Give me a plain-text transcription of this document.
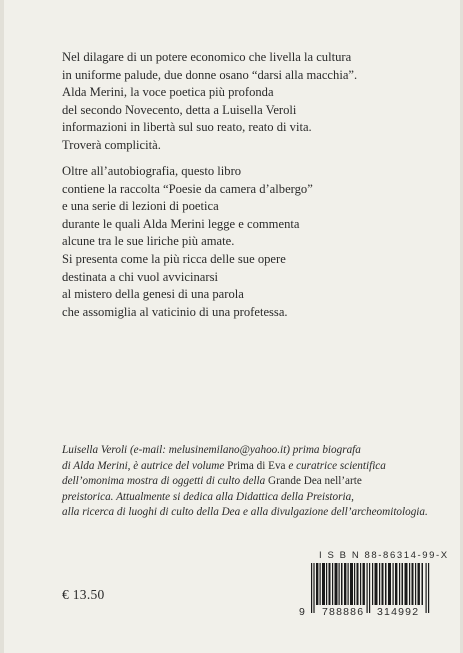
Nel dilagare di un potere economico che livella la cultura
in uniforme palude, due donne osano “darsi alla macchia”.
Alda Merini, la voce poetica più profonda
del secondo Novecento, detta a Luisella Veroli
informazioni in libertà sul suo reato, reato di vita.
Troverà complicità.
Oltre all’autobiografia, questo libro
contiene la raccolta “Poesie da camera d’albergo”
e una serie di lezioni di poetica
durante le quali Alda Merini legge e commenta
alcune tra le sue liriche più amate.
Si presenta come la più ricca delle sue opere
destinata a chi vuol avvicinarsi
al mistero della genesi di una parola
che assomiglia al vaticinio di una profetessa.
Luisella Veroli (e-mail: melusinemilano@yahoo.it) prima biografa
di Alda Merini, è autrice del volume Prima di Eva e curatrice scientifica
dell’omonima mostra di oggetti di culto della Grande Dea nell’arte
preistorica. Attualmente si dedica alla Didattica della Preistoria,
alla ricerca di luoghi di culto della Dea e alla divulgazione dell’archeomitologia.
€ 13.50
I S B N 88-86314-99-X
9 788886 314992
